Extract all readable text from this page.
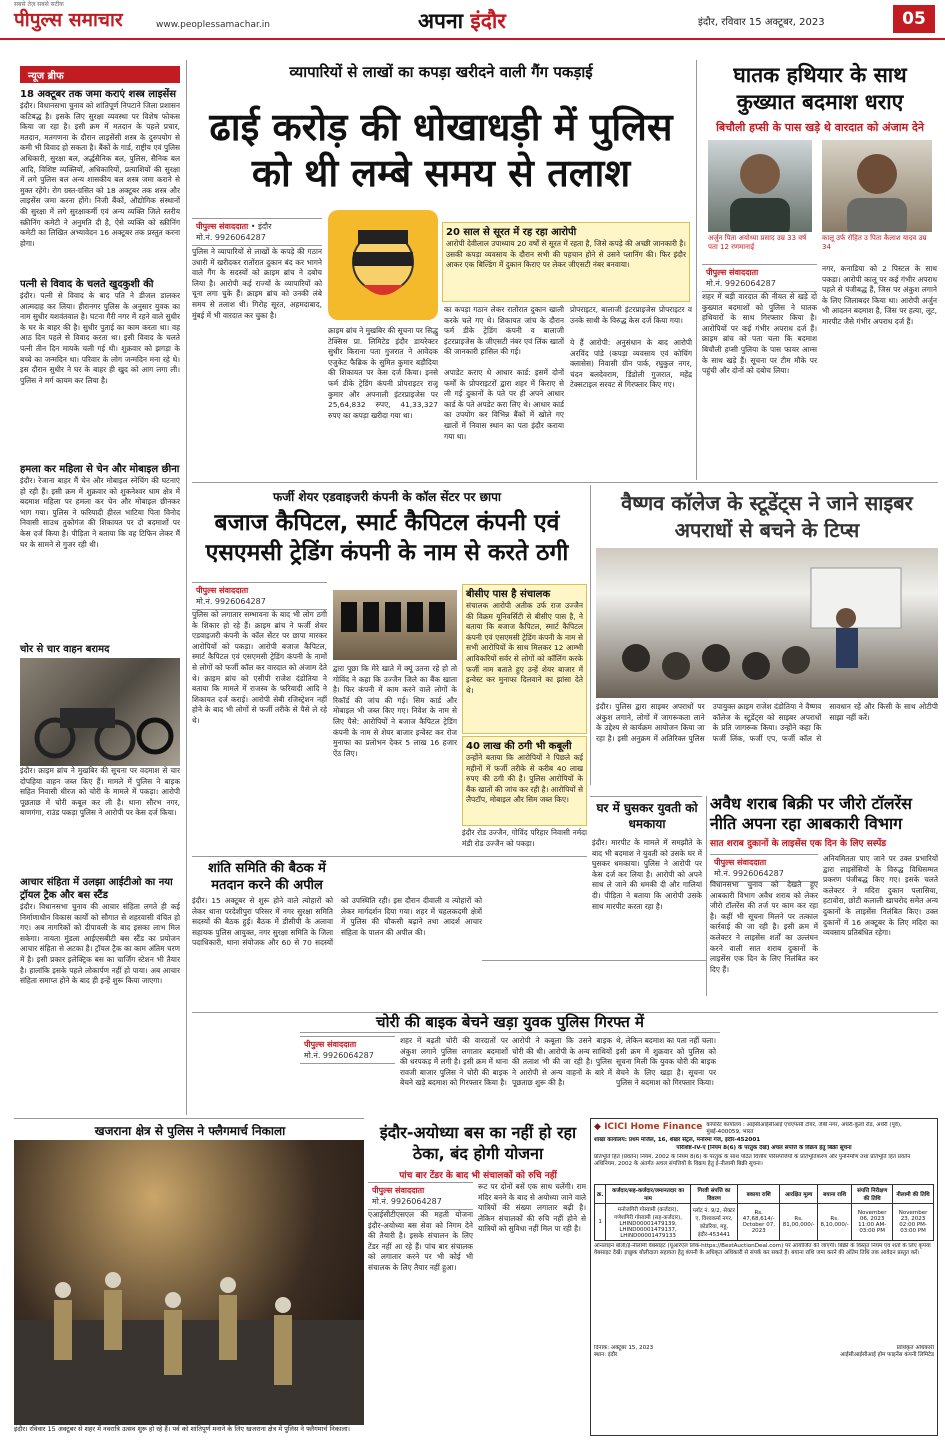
पीपुल्स समाचार
सबसे तेज़ सबसे सटीक
www.peoplessamachar.in	अपना इंदौर	इंदौर, रविवार 15 अक्टूबर, 2023	05
न्यूज ब्रीफ
18 अक्टूबर तक जमा कराएं शस्त्र लाइसेंस
इंदौर। विधानसभा चुनाव को शांतिपूर्ण निपटाने जिला प्रशासन कटिबद्ध है। इसके लिए सुरक्षा व्यवस्था पर विशेष फोकस किया जा रहा है। इसी क्रम में मतदान के पहले प्रचार, मतदान, मतगणना के दौरान लाइसेंसी शस्त्र के दुरुपयोग से कमी भी विवाद हो सकता है। बैंकों के गार्ड, राष्ट्रीय एवं पुलिस अधिकारी, सुरक्षा बल, अर्द्धसैनिक बल, पुलिस, सैनिक बल आदि, विशिष्ट व्यक्तियों, अधिकारियों, प्रत्याशियों की सुरक्षा में लगे पुलिस बल अन्य शासकीय बल शस्त्र जमा कराने से मुक्त रहेंगे। रोग ग्रस्त-ग्रसित को 18 अक्टूबर तक शस्त्र और लाइसेंस जमा करना होंगे। निजी बैंकों, औद्योगिक संस्थानों की सुरक्षा में लगे सुरक्षाकर्मी एवं अन्य व्यक्ति जिले स्तरीय स्क्रीनिंग कमेटी ने अनुमति दी है, ऐसे व्यक्ति को स्क्रीनिंग कमेटी का लिखित अभ्यावेदन 16 अक्टूबर तक प्रस्तुत करना होगा।
पत्नी से विवाद के चलते खुदकुशी की
इंदौर। पत्नी से विवाद के बाद पति ने डीजल डालकर आत्मदाह कर लिया। हीरानगर पुलिस के अनुसार युवक का नाम सुधीर यशवंतवाल है। घटना गैरी नगर में रहने वाले सुधीर के घर के बाहर की है। सुधीर पुताई का काम करता था। वह आठ दिन पहले से विवाद करता था। इसी विवाद के चलते पत्नी तीन दिन मायके चली गई थी। शुक्रवार को झगड़ा के बच्चे का जन्मदिन था। परिवार के लोग जन्मदिन मना रहे थे। इस दौरान सुधीर ने घर के बाहर ही खुद को आग लगा ली। पुलिस ने मर्ग कायम कर लिया है।
हमला कर महिला से चेन और मोबाइल छीना
इंदौर। रेजाना बाहर मैं चेन और मोबाइल स्नेचिंग की घटनाएं हो रही हैं। इसी क्रम में शुक्रवार को शुकनेश्वर धाम क्षेत्र में बदमाश महिला पर हमला कर चेन और मोबाइल छीनकर भाग गया। पुलिस ने फरियादी हीरल भाटिया पिता विनोद निवासी साउथ तुकोगंज की शिकायत पर दो बदमाशों पर केस दर्ज किया है। पीड़िता ने बताया कि वह टिफिन लेकर मैं घर के सामने से गुजर रही थी।
चोर से चार वाहन बरामद
इंदौर। क्राइम ब्रांच ने मुखबिर की सूचना पर वदमाश से चार दोपहिया वाहन जब्त किए हैं। मामले में पुलिस ने बाइक सहित निवासी धीरज को चोरी के मामले में पकड़ा। आरोपी पूछताछ में चोरी कबूल कर ली है। थाना सौरभ नगर, बाणगंगा, राउंड पकड़ा पुलिस ने आरोपी पर केस दर्ज किया।
आचार संहिता में उलझा आईटीओ का नया ट्रॉयल ट्रैक और बस स्टैंड
इंदौर। विधानसभा चुनाव की आचार संहिता लगते ही कई निर्माणाधीन विकास कार्यों को सौगात से शहरवासी वंचित हो गए। अब नागरिकों को दीपावली के बाद इसका लाभ मिल सकेगा। नायता मुंडला आईएसबीटी बस स्टैंड का प्रयोजन आचार संहिता से अटका है। ट्रॉयल ट्रैक का काम अंतिम चरण में है। इसी प्रकार इलेक्ट्रिक बस का चार्जिंग स्टेशन भी तैयार है। हालांकि इसके पहले लोकार्पण नहीं हो पाया। अब आचार संहिता समाप्त होने के बाद ही इन्हें शुरू किया जाएगा।
व्यापारियों से लाखों का कपड़ा खरीदने वाली गैंग पकड़ाई
ढाई करोड़ की धोखाधड़ी में पुलिस को थी लम्बे समय से तलाश
पीपुल्स संवाददाता • इंदौर
मो.नं. 9926064287
पुलिस ने व्यापारियों से लाखों के कपड़े की गठान उधारी में खरीदकर रातोंरात दुकान बंद कर भागने वाले गैंग के सदस्यों को क्राइम ब्रांच ने दबोच लिया है। आरोपी कई राज्यों के व्यापारियों को चूना लगा चुके हैं। क्राइम ब्रांच को उनकी लंबे समय से तलाश थी। गिरोह सूरत, अहमदाबाद, मुंबई में भी वारदात कर चुका है।
क्राइम ब्रांच ने मुखबिर की सूचना पर सिद्धु टेक्सिस प्रा. लिमिटेड इंदौर डायरेक्टर सुधीर किराना पता गुजरात ने आवेदक एजुकेट फैब्रिक के सुमित कुमार बड़ौदिया की शिकायत पर केस दर्ज किया। इनसे फर्म डीके ट्रेडिंग कंपनी प्रोपराइटर राजू कुमार और अपनाली इंटरप्राइजेस पर 25,64,832 रुपए, 41,33,327 रुपए का कपड़ा खरीदा गया था।
का कपड़ा गठान लेकर रातोंरात दुकान खाली करके चले गए थे। शिकायत जांच के दौरान फर्म डीके ट्रेडिंग कंपनी व बालाजी इंटरप्राइजेस के जीएसटी नंबर एवं लिंक खातों की जानकारी हासिल की गई।
अपाडेट कराए थे आधार कार्ड: इसमें दोनों फर्मों के प्रोपराइटरों द्वारा शहर में किराए से ली गई दुकानों के पते पर ही अपने आधार कार्ड के पते अपडेट करा लिए थे। आधार कार्ड का उपयोग कर विभिन्न बैंकों में खोले गए खातों में निवास स्थान का पता इंदौर कराया गया था।
20 साल से सूरत में रह रहा आरोपी
आरोपी देवीलाल उपाध्याय 20 वर्षों से सूरत में रहता है, जिसे कपड़े की अच्छी जानकारी है। उसकी कपड़ा व्यवसाय के दौरान सभी की पहचान होने से उसने प्लानिंग की। फिर इंदौर आकर एक बिल्डिंग में दुकान किराए पर लेकर जीएसटी नंबर बनवाया।
प्रोपराइटर, बालाजी इंटरप्राइजेस प्रोपराइटर व उनके साथी के विरुद्ध केस दर्ज किया गया।
ये हैं आरोपी: अनुसंधान के बाद आरोपी अरविंद पांडे (कपड़ा व्यवसाय एवं कोचिंग क्लासेस) निवासी ग्रीन पार्क, रघुकुल नगर, चंदन बलदेवराम, डिंडोली गुजरात, महेंद्र टेक्सटाइल सरवट से गिरफ्तार किए गए।
घातक हथियार के साथ कुख्यात बदमाश धराए
बिचौली हप्सी के पास खड़े थे वारदात को अंजाम देने
अर्जुन पिता अयोध्या प्रसाद उम्र 33 वर्ष पता 12 रणमानाई
कालू उर्फ रोहित उ पिता कैलाश यादव उम्र 34
पीपुल्स संवाददाता
मो.नं. 9926064287
शहर में बड़ी वारदात की नीयत से खड़े दो कुख्यात बदमाशों को पुलिस ने घातक हथियारों के साथ गिरफ्तार किया है। आरोपियों पर कई गंभीर अपराध दर्ज हैं। क्राइम ब्रांच को पता चला कि बदमाश बिचौली हप्सी पुलिया के पास फायर आम्स के साथ खड़े हैं। सूचना पर टीम मौके पर पहुंची और दोनों को दबोच लिया।
नगर, कनाडिया को 2 पिस्टल के साथ पकड़ा। आरोपी कालू पर कई गंभीर अपराध पहले से पंजीबद्ध हैं, जिस पर अंकुश लगाने के लिए जिलाबदर किया था। आरोपी अर्जुन भी आदतन बदमाश है, जिस पर हत्या, लूट, मारपीट जैसे गंभीर अपराध दर्ज हैं।
फर्जी शेयर एडवाइजरी कंपनी के कॉल सेंटर पर छापा
बजाज कैपिटल, स्मार्ट कैपिटल कंपनी एवं एसएमसी ट्रेडिंग कंपनी के नाम से करते ठगी
पीपुल्स संवाददाता
मो.नं. 9926064287
पुलिस को लगातार सम्भावना के बाद भी लोग ठगी के शिकार हो रहे हैं। क्राइम ब्रांच ने फर्जी शेयर एडवाइजरी कंपनी के कॉल सेंटर पर छापा मारकर आरोपियों को पकड़ा। आरोपी बजाज कैपिटल, स्मार्ट कैपिटल एवं एसएमसी ट्रेडिंग कंपनी के नामों से लोगों को फर्जी कॉल कर वारदात को अंजाम देते थे। क्राइम ब्रांच को एसीपी राजेश दंडोतिया ने बताया कि मामले में राजस्व के फरियादी आदि ने शिकायत दर्ज कराई। आरोपी सेबी रजिस्ट्रेशन नहीं होने के बाद भी लोगों से फर्जी तरीके से पैसे ले रहे थे।
द्वारा पूछा कि मेरे खाते में क्यूं उतना रहे हो तो गोविंद ने कहा कि उज्जैन जिले का बैंक खाता है। फिर कंपनी में काम करने वाले लोगों के रिकॉर्ड की जांच की गई। सिम कार्ड और मोबाइल भी जब्त किए गए। निवेश के नाम से लिए पैसे: आरोपियों ने बजाज कैपिटल ट्रेडिंग कंपनी के नाम से शेयर बाजार इन्वेस्ट कर रोज मुनाफा का प्रलोभन देकर 5 लाख 16 हजार ऐंठ लिए।
बीसीए पास है संचालक
संचालक आरोपी अतीक उर्फ राज उज्जैन की विक्रम यूनिवर्सिटी से बीसीए पास है, ने बताया कि बजाज कैपिटल, स्मार्ट कैपिटल कंपनी एवं एसएमसी ट्रेडिंग कंपनी के नाम से सभी आरोपियों के साथ मिलकर 12 आम्भी आविकरियों सर्वर से लोगों को कॉलिंग करके फर्जी नाम बताते हुए उन्हें शेयर बाजार में इन्वेस्ट कर मुनाफा दिलवाने का झांसा देते थे।
40 लाख की ठगी भी कबूली
उन्होंने बताया कि आरोपियों ने पिछले कई महीनों में फर्जी तरीके से करीब 40 लाख रुपए की ठगी की है। पुलिस आरोपियों के बैंक खातों की जांच कर रही है। आरोपियों से लैपटॉप, मोबाइल और सिम जब्त किए।
इंदौर रोड उज्जैन, गोविंद परिहार निवासी नर्मदा मंडी रोड उज्जैन को पकड़ा।
शांति समिति की बैठक में मतदान करने की अपील
इंदौर। 15 अक्टूबर से शुरू होने वाले त्योहारों को लेकर थाना परदेशीपुरा परिसर में नगर सुरक्षा समिति सदस्यों की बैठक हुई। बैठक में डीसीपी के अलावा सहायक पुलिस आयुक्त, नगर सुरक्षा समिति के जिला पदाधिकारी, थाना संयोजक और 60 से 70 सदस्यों को उपस्थिति रही। इस दौरान दीवाली व त्योहारों को लेकर मार्गदर्शन दिया गया। शहर में चहलकदमी क्षेत्रों में पुलिस की चौकसी बढ़ाने तथा आदर्श आचार संहिता के पालन की अपील की।
वैष्णव कॉलेज के स्टूडेंट्स ने जाने साइबर अपराधों से बचने के टिप्स
इंदौर। पुलिस द्वारा साइबर अपराधों पर अंकुश लगाने, लोगों में जागरूकता लाने के उद्देश्य से कार्यक्रम आयोजन किया जा रहा है। इसी अनुक्रम में अतिरिक्त पुलिस उपायुक्त क्राइम राजेश दंडोतिया ने वैष्णव कॉलेज के स्टूडेंट्स को साइबर अपराधों के प्रति जागरूक किया। उन्होंने कहा कि फर्जी लिंक, फर्जी एप, फर्जी कॉल से सावधान रहें और किसी के साथ ओटीपी साझा नहीं करें।
घर में घुसकर युवती को धमकाया
इंदौर। मारपीट के मामले में समझौते के बाद भी बदमाश ने युवती को उसके घर में घुसकर धमकाया। पुलिस ने आरोपी पर केस दर्ज कर लिया है। आरोपी को अपने साथ ले जाने की धमकी दी और गालियां दी। पीड़िता ने बताया कि आरोपी उसके साथ मारपीट करता रहा है।
अवैध शराब बिक्री पर जीरो टॉलरेंस नीति अपना रहा आबकारी विभाग
सात शराब दुकानों के लाइसेंस एक दिन के लिए सस्पेंड
पीपुल्स संवाददाता
मो.नं. 9926064287
विधानसभा चुनाव को देखते हुए आबकारी विभाग अवैध शराब को लेकर जीरो टॉलरेंस की तर्ज पर काम कर रहा है। कहीं भी सूचना मिलने पर तत्काल कार्रवाई की जा रही है। इसी क्रम में कलेक्टर ने लाइसेंस शर्तों का उल्लंघन करने वाली सात शराब दुकानों के लाइसेंस एक दिन के लिए निलंबित कर दिए हैं।
अनियमितता पाए जाने पर उक्त प्रभारियों द्वारा लाइसेंसियों के विरुद्ध विधिसम्मत प्रकरण पंजीबद्ध किए गए। इसके चलते कलेक्टर ने मदिरा दुकान पलासिया, हटावोरा, छोटी कलाली खाचरोद समेत अन्य दुकानों के लाइसेंस निलंबित किए। उक्त दुकानों में 16 अक्टूबर के लिए मदिरा का व्यवसाय प्रतिबंधित रहेगा।
चोरी की बाइक बेचने खड़ा युवक पुलिस गिरफ्त में
पीपुल्स संवाददाता
मो.नं. 9926064287
शहर में बढ़ती चोरी की वारदातों पर अंकुश लगाने पुलिस लगातार बदमाशों की धरपकड़ में लगी है। इसी क्रम में थाना रावजी बाजार पुलिस ने चोरी की बाइक बेचने खड़े बदमाश को गिरफ्तार किया है।
आरोपी ने कबूला कि उसने बाइक चोरी की थी। आरोपी के अन्य साथियों की तलाश भी की जा रही है। पुलिस ने आरोपी से अन्य वाहनों के बारे में पूछताछ शुरू की है।
थे, लेकिन बदमाश का पता नहीं चला। इसी क्रम में शुक्रवार को पुलिस को सूचना मिली कि युवक चोरी की बाइक बेचने के लिए खड़ा है। सूचना पर पुलिस ने बदमाश को गिरफ्तार किया।
खजराना क्षेत्र से पुलिस ने फ्लैगमार्च निकाला
इंदौर। रविवार 15 अक्टूबर से शहर में नवरात्रि उत्सव शुरू हो रहे हैं। पर्व को शांतिपूर्ण मनाने के लिए खजराना क्षेत्र में पुलिस ने फ्लैगमार्च निकाला।
इंदौर-अयोध्या बस का नहीं हो रहा ठेका, बंद होगी योजना
पांच बार टेंडर के बाद भी संचालकों को रुचि नहीं
पीपुल्स संवाददाता
मो.नं. 9926064287
एआईसीटीएसएल की महती योजना इंदौर-अयोध्या बस सेवा को निगम देने की तैयारी है। इसके संचालन के लिए टेंडर नहीं आ रहे हैं। पांच बार संचालक को लगातार करने पर भी कोई भी संचालक के लिए तैयार नहीं हुआ।
रूट पर दोनों बसें एक साथ चलेंगी। राम मंदिर बनने के बाद से अयोध्या जाने वाले यात्रियों की संख्या लगातार बढ़ी है। लेकिन संचालकों की रुचि नहीं होने से यात्रियों को सुविधा नहीं मिल पा रही है।
◆ ICICI Home Finance कॉर्पोरेट कार्यालय : आईसीआईसीआई एचएफसी टॉवर, जेबी नगर, अंधेरी-कुर्ला रोड, अंधेरी (पूर्व), मुंबई-400059, भारत
शाखा कार्यालय: प्रथम मंजिल, 16, शेखर सेंट्रल, मनोरमा गंज, इंदौर-452001
परिशिष्ट-IV-ए [नियम 8(6) के परंतुक देखें] अचल संपत्ति के विक्रय हेतु बिक्री सूचना
प्रतिभूति हित (प्रवर्तन) नियम, 2002 के नियम 8(6) के परंतुक के साथ पठित वित्तीय परिसंपत्तियों के प्रतिभूतिकरण और पुनर्निर्माण तथा प्रतिभूति हित प्रवर्तन अधिनियम, 2002 के अंतर्गत अचल संपत्तियों के विक्रय हेतु ई-नीलामी बिक्री सूचना।
क्र.	कर्जदार/सह-कर्जदार/जमानतदार का नाम	गिरवी संपत्ति का विवरण	बकाया राशि	आरक्षित मूल्य	बयाना राशि	संपत्ति निरीक्षण की तिथि	नीलामी की तिथि
1	मनोजगिरी गोस्वामी (कर्जदार), गणेशगिरी गोस्वामी (सह-कर्जदार), LHIND00001479139, LHIND00001479137, LHIND00001479133	प्लॉट नं. 9/2, सेक्टर ए, विश्वकर्मा नगर, कोडरिया, महू, इंदौर-453441	Rs. 47,68,614/- October 07, 2023	Rs. 81,00,000/-	Rs. 8,10,000/-	November 06, 2023 11:00 AM-03:00 PM	November 23, 2023 02:00 PM-03:00 PM
ऑनलाइन बोली/ई-नीलामी वेबसाइट (यूआरएल लिंक-https://BestAuctionDeal.com) पर आयोजित की जाएगी। बिक्री के विस्तृत नियम एवं शर्तों के लिए कृपया वेबसाइट देखें। इच्छुक बोलीदाता सहायता हेतु कंपनी के अधिकृत अधिकारी से संपर्क कर सकते हैं। बयाना राशि जमा करने की अंतिम तिथि तक आवेदन प्रस्तुत करें।
दिनांक: अक्टूबर 15, 2023
स्थान: इंदौर
प्राधिकृत अधिकारी
आईसीआईसीआई होम फाइनेंस कंपनी लिमिटेड
